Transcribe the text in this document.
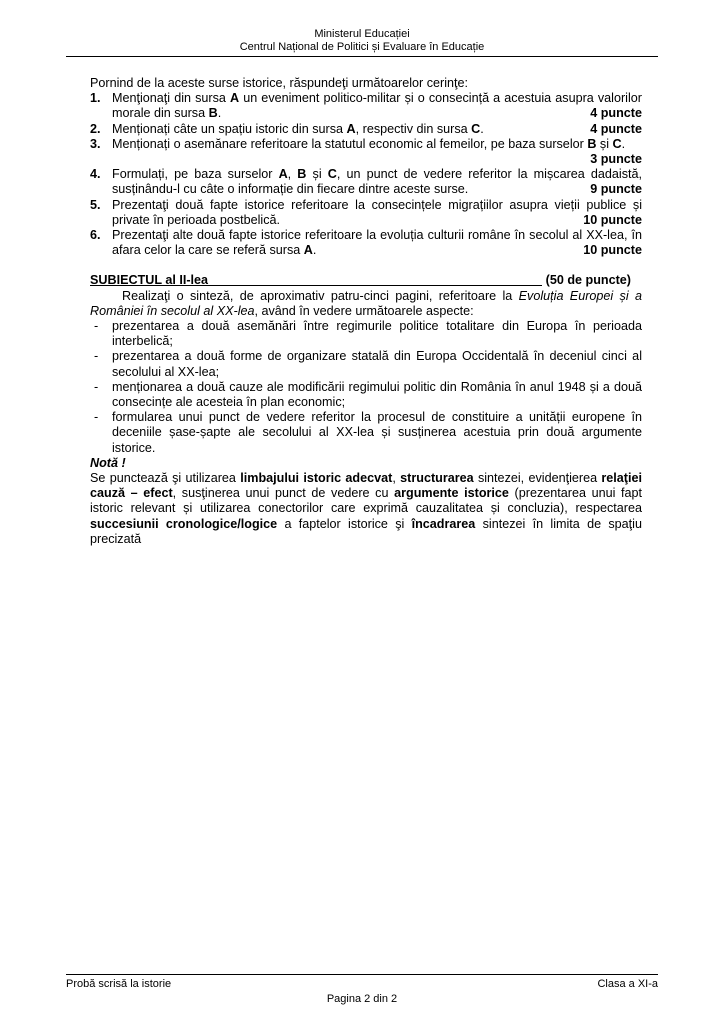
Ministerul Educației
Centrul Național de Politici și Evaluare în Educație

Pornind de la aceste surse istorice, răspundeţi următoarelor cerinţe:

1. Menţionaţi din sursa A un eveniment politico-militar și o consecință a acestuia asupra valorilor morale din sursa B.	4 puncte
2. Menționați câte un spațiu istoric din sursa A, respectiv din sursa C.	4 puncte
3. Menționați o asemănare referitoare la statutul economic al femeilor, pe baza surselor B și C.
3 puncte
4. Formulați, pe baza surselor A, B și C, un punct de vedere referitor la mișcarea dadaistă, susținându-l cu câte o informație din fiecare dintre aceste surse.	9 puncte
5. Prezentaţi două fapte istorice referitoare la consecințele migrațiilor asupra vieții publice și private în perioada postbelică.	10 puncte
6. Prezentaţi alte două fapte istorice referitoare la evoluția culturii române în secolul al XX-lea, în afara celor la care se referă sursa A.	10 puncte
SUBIECTUL al II-lea	(50 de puncte)

Realizaţi o sinteză, de aproximativ patru-cinci pagini, referitoare la Evoluția Europei și a României în secolul al XX-lea, având în vedere următoarele aspecte:

-	prezentarea a două asemănări între regimurile politice totalitare din Europa în perioada interbelică;
-	prezentarea a două forme de organizare statală din Europa Occidentală în deceniul cinci al secolului al XX-lea;
-	menționarea a două cauze ale modificării regimului politic din România în anul 1948 și a două consecințe ale acesteia în plan economic;
-	formularea unui punct de vedere referitor la procesul de constituire a unității europene în deceniile șase-șapte ale secolului al XX-lea și susținerea acestuia prin două argumente istorice.

Notă !

Se punctează şi utilizarea limbajului istoric adecvat, structurarea sintezei, evidenţierea relaţiei cauză – efect, susţinerea unui punct de vedere cu argumente istorice (prezentarea unui fapt istoric relevant și utilizarea conectorilor care exprimă cauzalitatea și concluzia), respectarea succesiunii cronologice/logice a faptelor istorice şi încadrarea sintezei în limita de spaţiu precizată

Probă scrisă la istorie	Clasa a XI-a
Pagina 2 din 2
